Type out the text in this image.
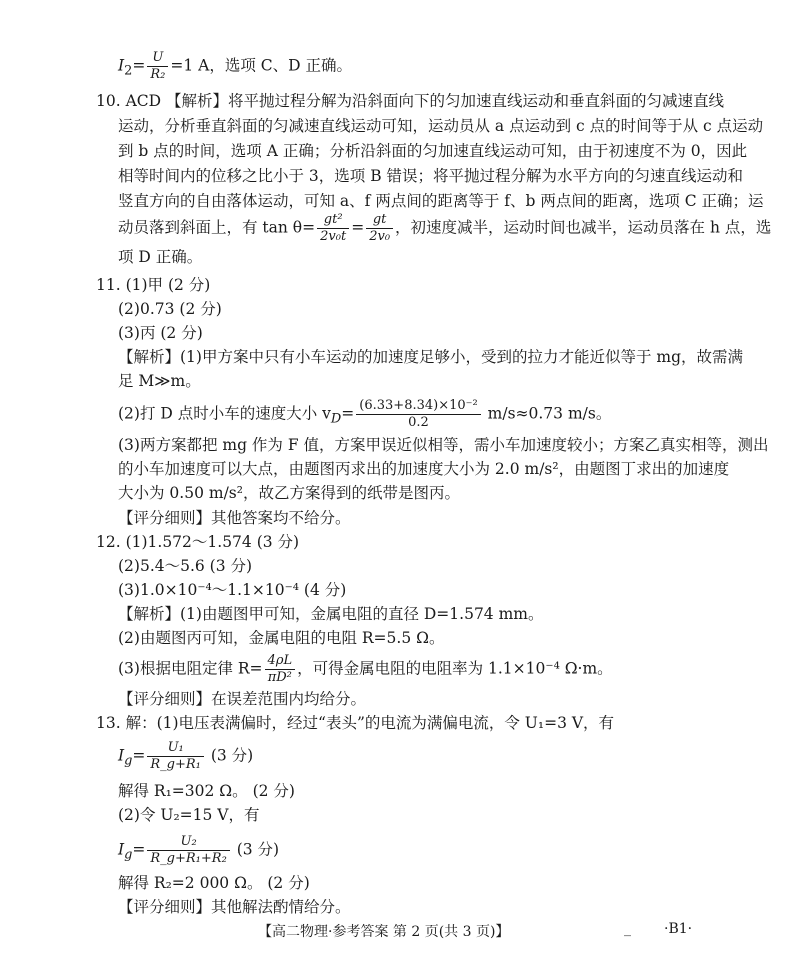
$I_2= \frac{U}{\text{R₂}} =1$ A，选项 C、D 正确。
10. ACD 【解析】将平抛过程分解为沿斜面向下的匀加速直线运动和垂直斜面的匀减速直线
运动，分析垂直斜面的匀减速直线运动可知，运动员从 a 点运动到 c 点的时间等于从 c 点运动
到 b 点的时间，选项 A 正确；分析沿斜面的匀加速直线运动可知，由于初速度不为 0，因此
相等时间内的位移之比小于 3，选项 B 错误；将平抛过程分解为水平方向的匀速直线运动和
竖直方向的自由落体运动，可知 a、f 两点间的距离等于 f、b 两点间的距离，选项 C 正确；运
动员落到斜面上，有 $\tan \theta= \frac{\text{gt²}}{\text{2v₀t}} = \frac{gt}{\text{2v₀}}$ ，初速度减半，运动时间也减半，运动员落在 h 点，选
项 D 正确。
11. (1)甲 (2 分)
(2)0.73 (2 分)
(3)丙 (2 分)
【解析】(1)甲方案中只有小车运动的加速度足够小，受到的拉力才能近似等于 mg，故需满
足 M≫m。
(2)打 D 点时小车的速度大小 $v_D= \frac{\text{(6.33+8.34)×10⁻²}}{0.2} m/s\approx 0.73$ m/s。
(3)两方案都把 mg 作为 F 值，方案甲误近似相等，需小车加速度较小；方案乙真实相等，测出
的小车加速度可以大点，由题图丙求出的加速度大小为 2.0 m/s²，由题图丁求出的加速度
大小为 0.50 m/s²，故乙方案得到的纸带是图丙。
【评分细则】其他答案均不给分。
12. (1)1.572～1.574 (3 分)
(2)5.4～5.6 (3 分)
(3)1.0×10⁻⁴～1.1×10⁻⁴ (4 分)
【解析】(1)由题图甲可知，金属电阻的直径 D=1.574 mm。
(2)由题图丙可知，金属电阻的电阻 R=5.5 Ω。
(3)根据电阻定律 $R= \frac{4\rho L}{\text{πD²}}$ ，可得金属电阻的电阻率为 1.1×10⁻⁴ Ω·m。
【评分细则】在误差范围内均给分。
13. 解：(1)电压表满偏时，经过“表头”的电流为满偏电流，令 U₁=3 V，有
$I_g= \frac{\text{U₁}}{\text{R\_g+R₁}} (3$ 分)
解得 R₁=302 Ω。 (2 分)
(2)令 U₂=15 V，有
$I_g= \frac{\text{U₂}}{\text{R\_g+R₁+R₂}} (3$ 分)
解得 R₂=2 000 Ω。 (2 分)
【评分细则】其他解法酌情给分。
【高二物理·参考答案 第 2 页(共 3 页)】	_ ·B1·
